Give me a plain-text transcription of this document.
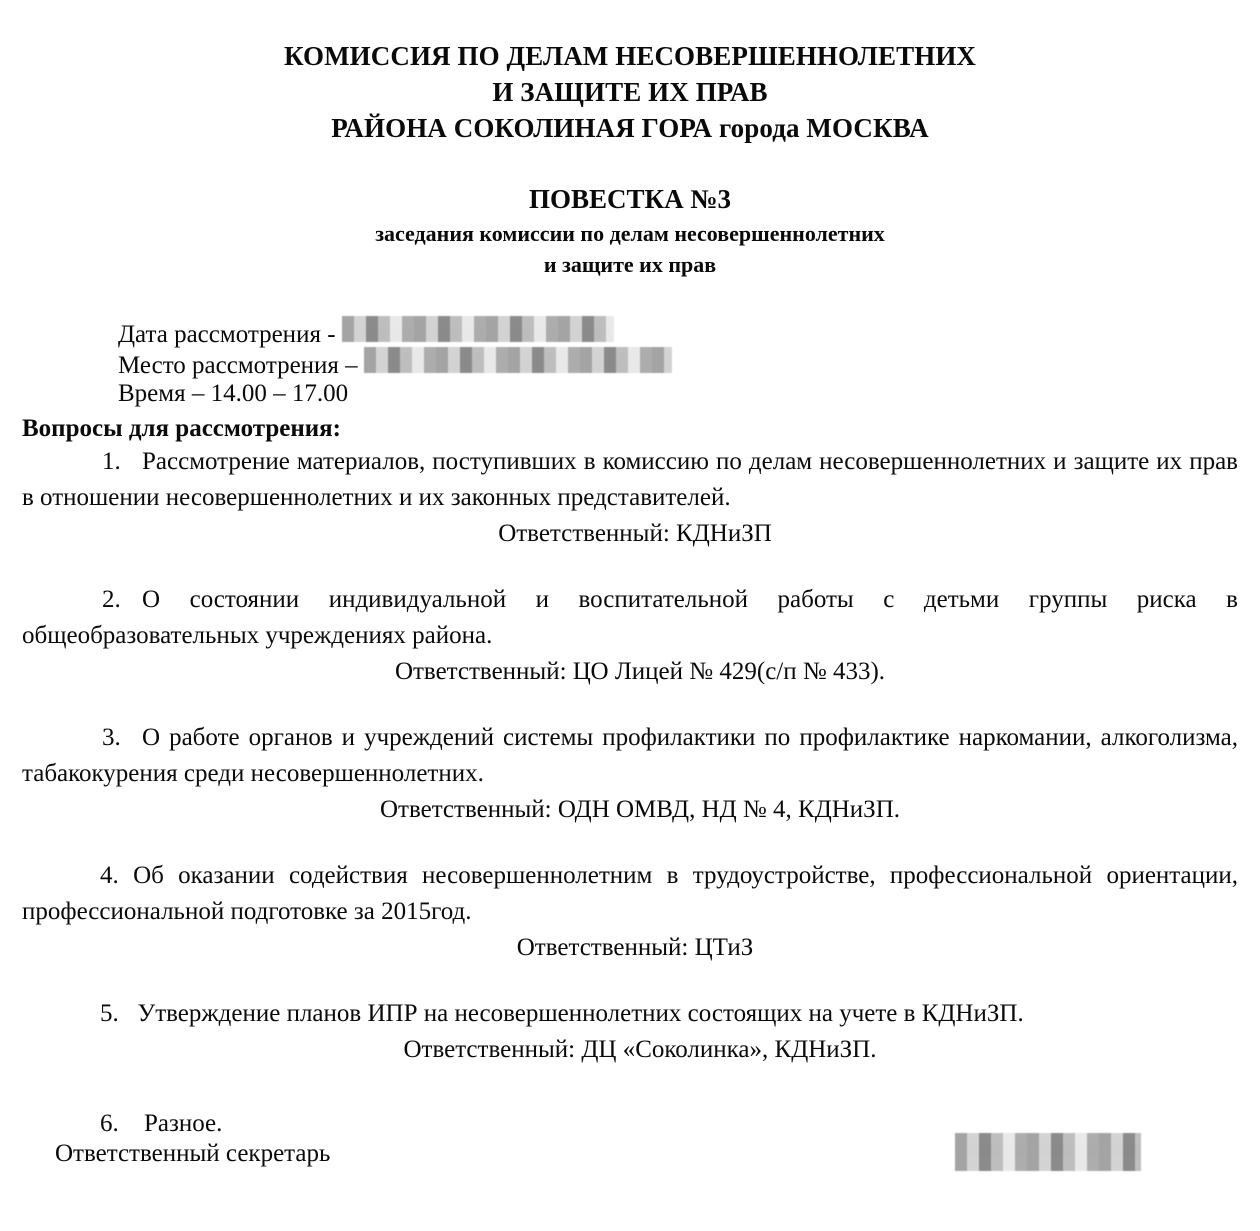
КОМИССИЯ ПО ДЕЛАМ НЕСОВЕРШЕННОЛЕТНИХ
И ЗАЩИТЕ ИХ ПРАВ
РАЙОНА СОКОЛИНАЯ ГОРА города МОСКВА
ПОВЕСТКА №3
заседания комиссии по делам несовершеннолетних
и защите их прав
Дата рассмотрения -
Место рассмотрения –
Время – 14.00 – 17.00
Вопросы для рассмотрения:

1. Рассмотрение материалов, поступивших в комиссию по делам несовершеннолетних и защите их прав в отношении несовершеннолетних и их законных представителей.

Ответственный: КДНиЗП

2. О состоянии индивидуальной и воспитательной работы с детьми группы риска в общеобразовательных учреждениях района.

Ответственный: ЦО Лицей № 429(с/п № 433).

3. О работе органов и учреждений системы профилактики по профилактике наркомании, алкоголизма, табакокурения среди несовершеннолетних.

Ответственный: ОДН ОМВД, НД № 4, КДНиЗП.

4. Об оказании содействия несовершеннолетним в трудоустройстве, профессиональной ориентации, профессиональной подготовке за 2015год.

Ответственный: ЦТиЗ

5. Утверждение планов ИПР на несовершеннолетних состоящих на учете в КДНиЗП.

Ответственный: ДЦ «Соколинка», КДНиЗП.

6. Разное.

Ответственный секретарь
